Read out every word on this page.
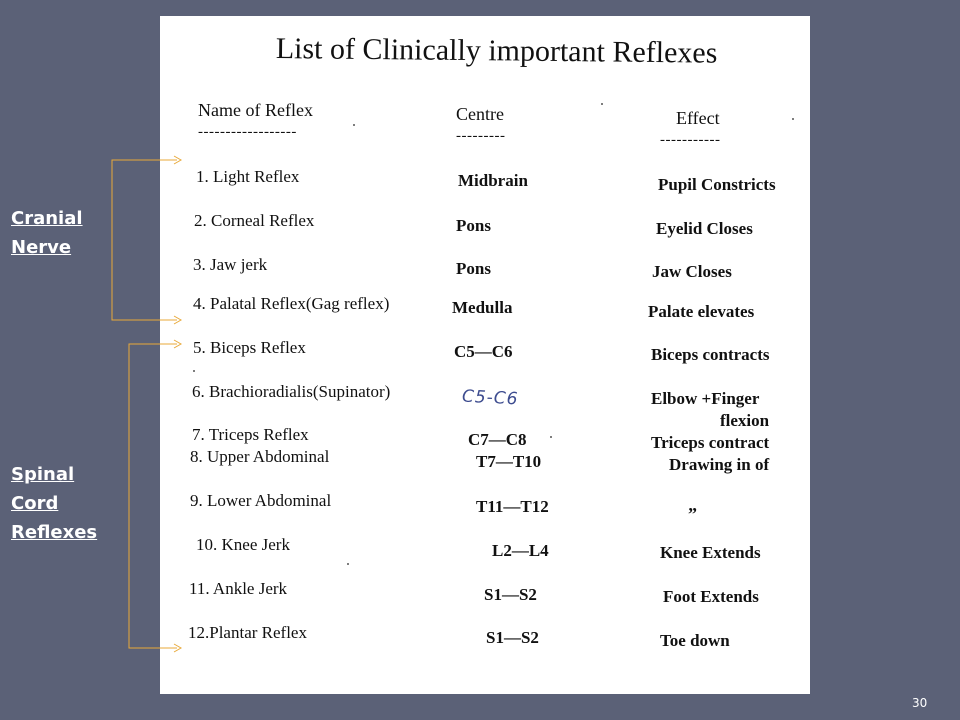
List of Clinically important Reflexes
Name of Reflex
------------------
Centre
---------
Effect
-----------
1. Light Reflex	Midbrain	Pupil Constricts
2. Corneal Reflex	Pons	Eyelid Closes
3. Jaw jerk	Pons	Jaw Closes
4. Palatal Reflex(Gag reflex)	Medulla	Palate elevates
5. Biceps Reflex	C5—C6	Biceps contracts
6. Brachioradialis(Supinator)	C5-C6	Elbow +Finger
flexion
7. Triceps Reflex	C7—C8	Triceps contract
8. Upper Abdominal	T7—T10	Drawing in of
9. Lower Abdominal	T11—T12	”
10. Knee Jerk	L2—L4	Knee Extends
11. Ankle Jerk	S1—S2	Foot Extends
12.Plantar Reflex	S1—S2	Toe down
Cranial
Nerve
Spinal
Cord
Reflexes
30
